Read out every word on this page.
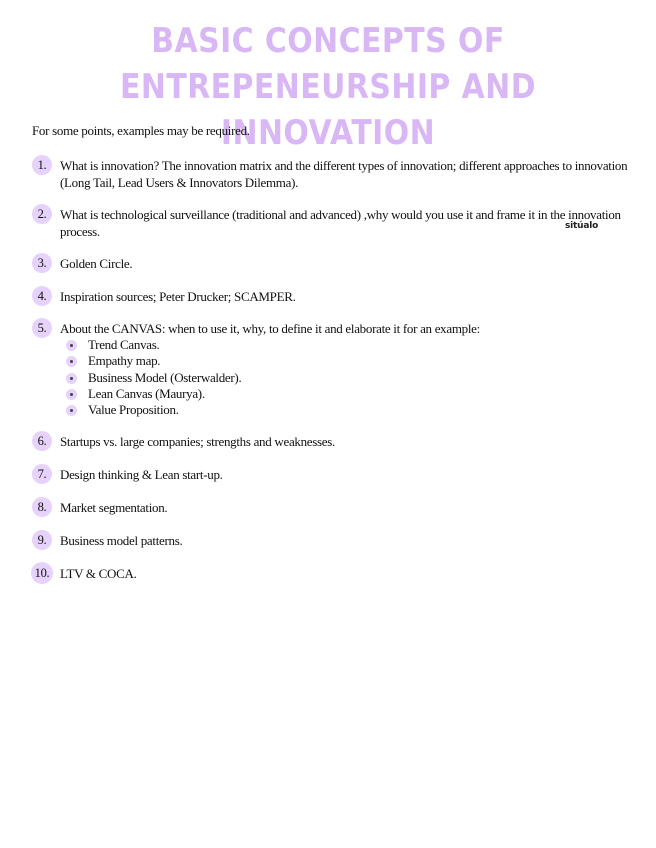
BASIC CONCEPTS OF ENTREPENEURSHIP AND INNOVATION
For some points, examples may be required.
1.	What is innovation? The innovation matrix and the different types of innovation; different approaches to innovation (Long Tail, Lead Users & Innovators Dilemma).
2.	What is technological surveillance (traditional and advanced) ,why would you use it and frame it in the innovation process.	sitúalo
3.	Golden Circle.
4.	Inspiration sources; Peter Drucker; SCAMPER.
5.	About the CANVAS: when to use it, why, to define it and elaborate it for an example:
Trend Canvas.
Empathy map.
Business Model (Osterwalder).
Lean Canvas (Maurya).
Value Proposition.
6.	Startups vs. large companies; strengths and weaknesses.
7.	Design thinking & Lean start-up.
8.	Market segmentation.
9.	Business model patterns.
10. LTV & COCA.
